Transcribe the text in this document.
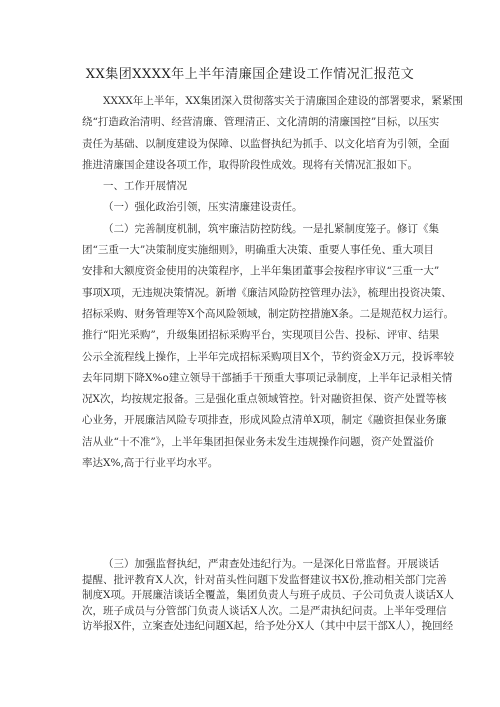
XX集团XXXX年上半年清廉国企建设工作情况汇报范文
XXXX年上半年，XX集团深入贯彻落实关于清廉国企建设的部署要求，紧紧围
绕“打造政治清明、经营清廉、管理清正、文化清朗的清廉国控”目标，以压实
责任为基础、以制度建设为保障、以监督执纪为抓手、以文化培育为引领，全面
推进清廉国企建设各项工作，取得阶段性成效。现将有关情况汇报如下。
一、工作开展情况
（一）强化政治引领，压实清廉建设责任。
（二）完善制度机制，筑牢廉洁防控防线。一是扎紧制度笼子。修订《集
团“三重一大”决策制度实施细则》，明确重大决策、重要人事任免、重大项目
安排和大额度资金使用的决策程序，上半年集团董事会按程序审议“三重一大”
事项X项，无违规决策情况。新增《廉洁风险防控管理办法》，梳理出投资决策、
招标采购、财务管理等X个高风险领域，制定防控措施X条。二是规范权力运行。
推行“阳光采购”，升级集团招标采购平台，实现项目公告、投标、评审、结果
公示全流程线上操作，上半年完成招标采购项目X个，节约资金X万元，投诉率较
去年同期下降X%o建立领导干部插手干预重大事项记录制度，上半年记录相关情
况X次，均按规定报备。三是强化重点领域管控。针对融资担保、资产处置等核
心业务，开展廉洁风险专项排查，形成风险点清单X项，制定《融资担保业务廉
洁从业“十不准”》，上半年集团担保业务未发生违规操作问题，资产处置溢价
率达X%,高于行业平均水平。
（三）加强监督执纪，严肃查处违纪行为。一是深化日常监督。开展谈话
提醒、批评教育X人次，针对苗头性问题下发监督建议书X份,推动相关部门完善
制度X项。开展廉洁谈话全覆盖，集团负责人与班子成员、子公司负责人谈话X人
次，班子成员与分管部门负责人谈话X人次。二是严肃执纪问责。上半年受理信
访举报X件，立案查处违纪问题X起，给予处分X人（其中中层干部X人），挽回经
